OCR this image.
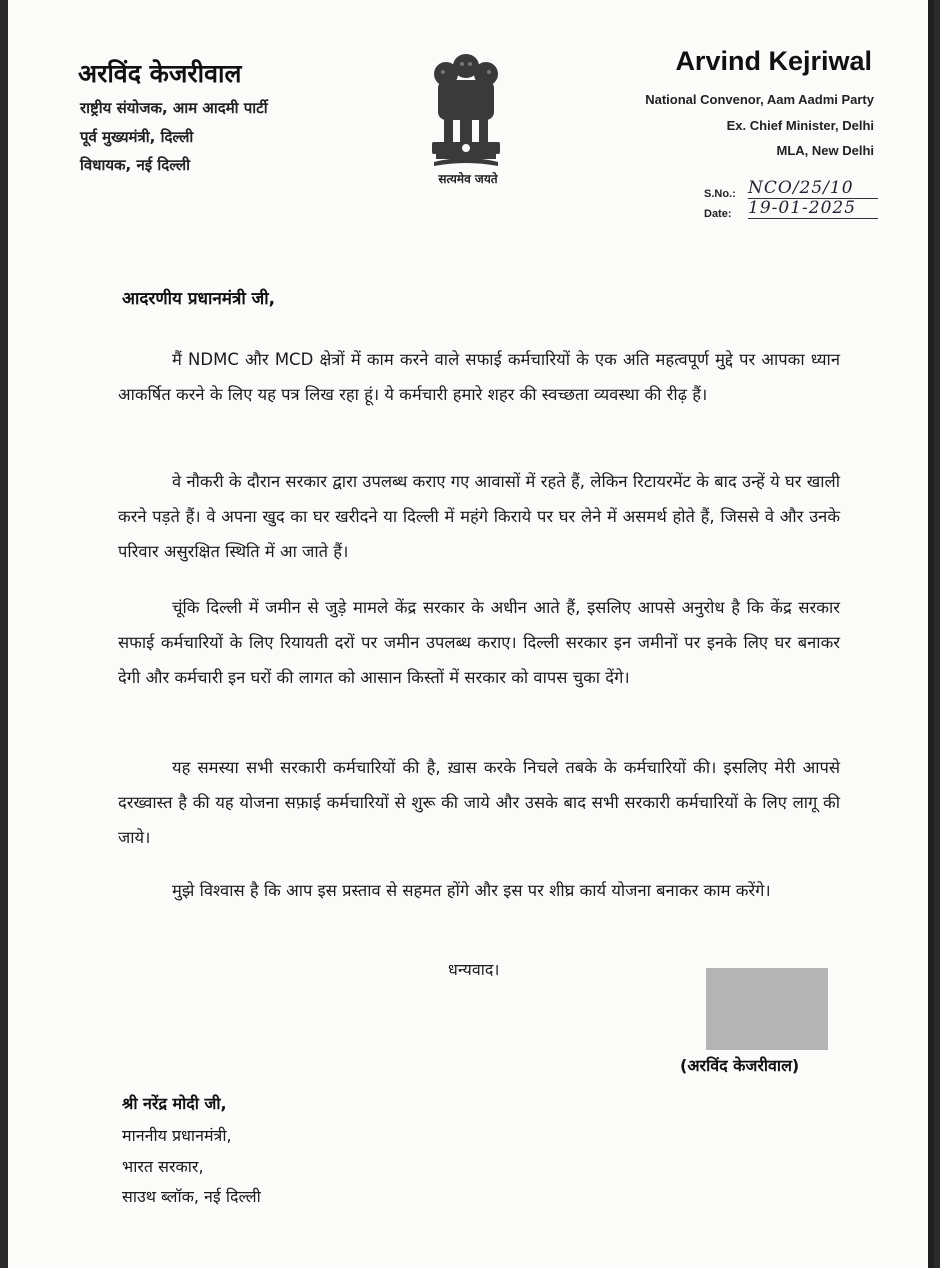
अरविंद केजरीवाल
राष्ट्रीय संयोजक, आम आदमी पार्टी
पूर्व मुख्यमंत्री, दिल्ली
विधायक, नई दिल्ली
सत्यमेव जयते
Arvind Kejriwal
National Convenor, Aam Aadmi Party
Ex. Chief Minister, Delhi
MLA, New Delhi
S.No.: NCO/25/10
Date: 19-01-2025
आदरणीय प्रधानमंत्री जी,

मैं NDMC और MCD क्षेत्रों में काम करने वाले सफाई कर्मचारियों के एक अति महत्वपूर्ण मुद्दे पर आपका ध्यान आकर्षित करने के लिए यह पत्र लिख रहा हूं। ये कर्मचारी हमारे शहर की स्वच्छता व्यवस्था की रीढ़ हैं।

वे नौकरी के दौरान सरकार द्वारा उपलब्ध कराए गए आवासों में रहते हैं, लेकिन रिटायरमेंट के बाद उन्हें ये घर खाली करने पड़ते हैं। वे अपना खुद का घर खरीदने या दिल्ली में महंगे किराये पर घर लेने में असमर्थ होते हैं, जिससे वे और उनके परिवार असुरक्षित स्थिति में आ जाते हैं।

चूंकि दिल्ली में जमीन से जुड़े मामले केंद्र सरकार के अधीन आते हैं, इसलिए आपसे अनुरोध है कि केंद्र सरकार सफाई कर्मचारियों के लिए रियायती दरों पर जमीन उपलब्ध कराए। दिल्ली सरकार इन जमीनों पर इनके लिए घर बनाकर देगी और कर्मचारी इन घरों की लागत को आसान किस्तों में सरकार को वापस चुका देंगे।

यह समस्या सभी सरकारी कर्मचारियों की है, ख़ास करके निचले तबके के कर्मचारियों की। इसलिए मेरी आपसे दरख्वास्त है की यह योजना सफ़ाई कर्मचारियों से शुरू की जाये और उसके बाद सभी सरकारी कर्मचारियों के लिए लागू की जाये।

मुझे विश्वास है कि आप इस प्रस्ताव से सहमत होंगे और इस पर शीघ्र कार्य योजना बनाकर काम करेंगे।

धन्यवाद।
(अरविंद केजरीवाल)
श्री नरेंद्र मोदी जी,
माननीय प्रधानमंत्री,
भारत सरकार,
साउथ ब्लॉक, नई दिल्ली
